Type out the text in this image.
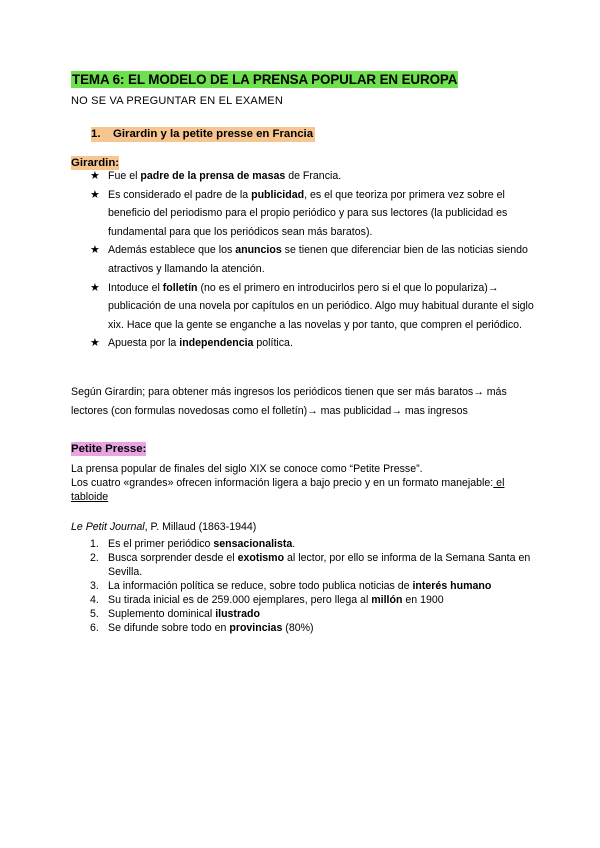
TEMA 6: EL MODELO DE LA PRENSA POPULAR EN EUROPA
NO SE VA PREGUNTAR EN EL EXAMEN
1. Girardin y la petite presse en Francia
Girardin:
★ Fue el padre de la prensa de masas de Francia.
★ Es considerado el padre de la publicidad, es el que teoriza por primera vez sobre el beneficio del periodismo para el propio periódico y para sus lectores (la publicidad es fundamental para que los periódicos sean más baratos).
★ Además establece que los anuncios se tienen que diferenciar bien de las noticias siendo atractivos y llamando la atención.
★ Intoduce el folletín (no es el primero en introducirlos pero si el que lo populariza)→ publicación de una novela por capítulos en un periódico. Algo muy habitual durante el siglo xix. Hace que la gente se enganche a las novelas y por tanto, que compren el periódico.
★ Apuesta por la independencia política.
Según Girardin; para obtener más ingresos los periódicos tienen que ser más baratos→ más lectores (con formulas novedosas como el folletín)→ mas publicidad→ mas ingresos
Petite Presse:
La prensa popular de finales del siglo XIX se conoce como “Petite Presse”.
Los cuatro «grandes» ofrecen información ligera a bajo precio y en un formato manejable: el tabloide
Le Petit Journal, P. Millaud (1863-1944)
1. Es el primer periódico sensacionalista.
2. Busca sorprender desde el exotismo al lector, por ello se informa de la Semana Santa en Sevilla.
3. La información política se reduce, sobre todo publica noticias de interés humano
4. Su tirada inicial es de 259.000 ejemplares, pero llega al millón en 1900
5. Suplemento dominical ilustrado
6. Se difunde sobre todo en provincias (80%)
